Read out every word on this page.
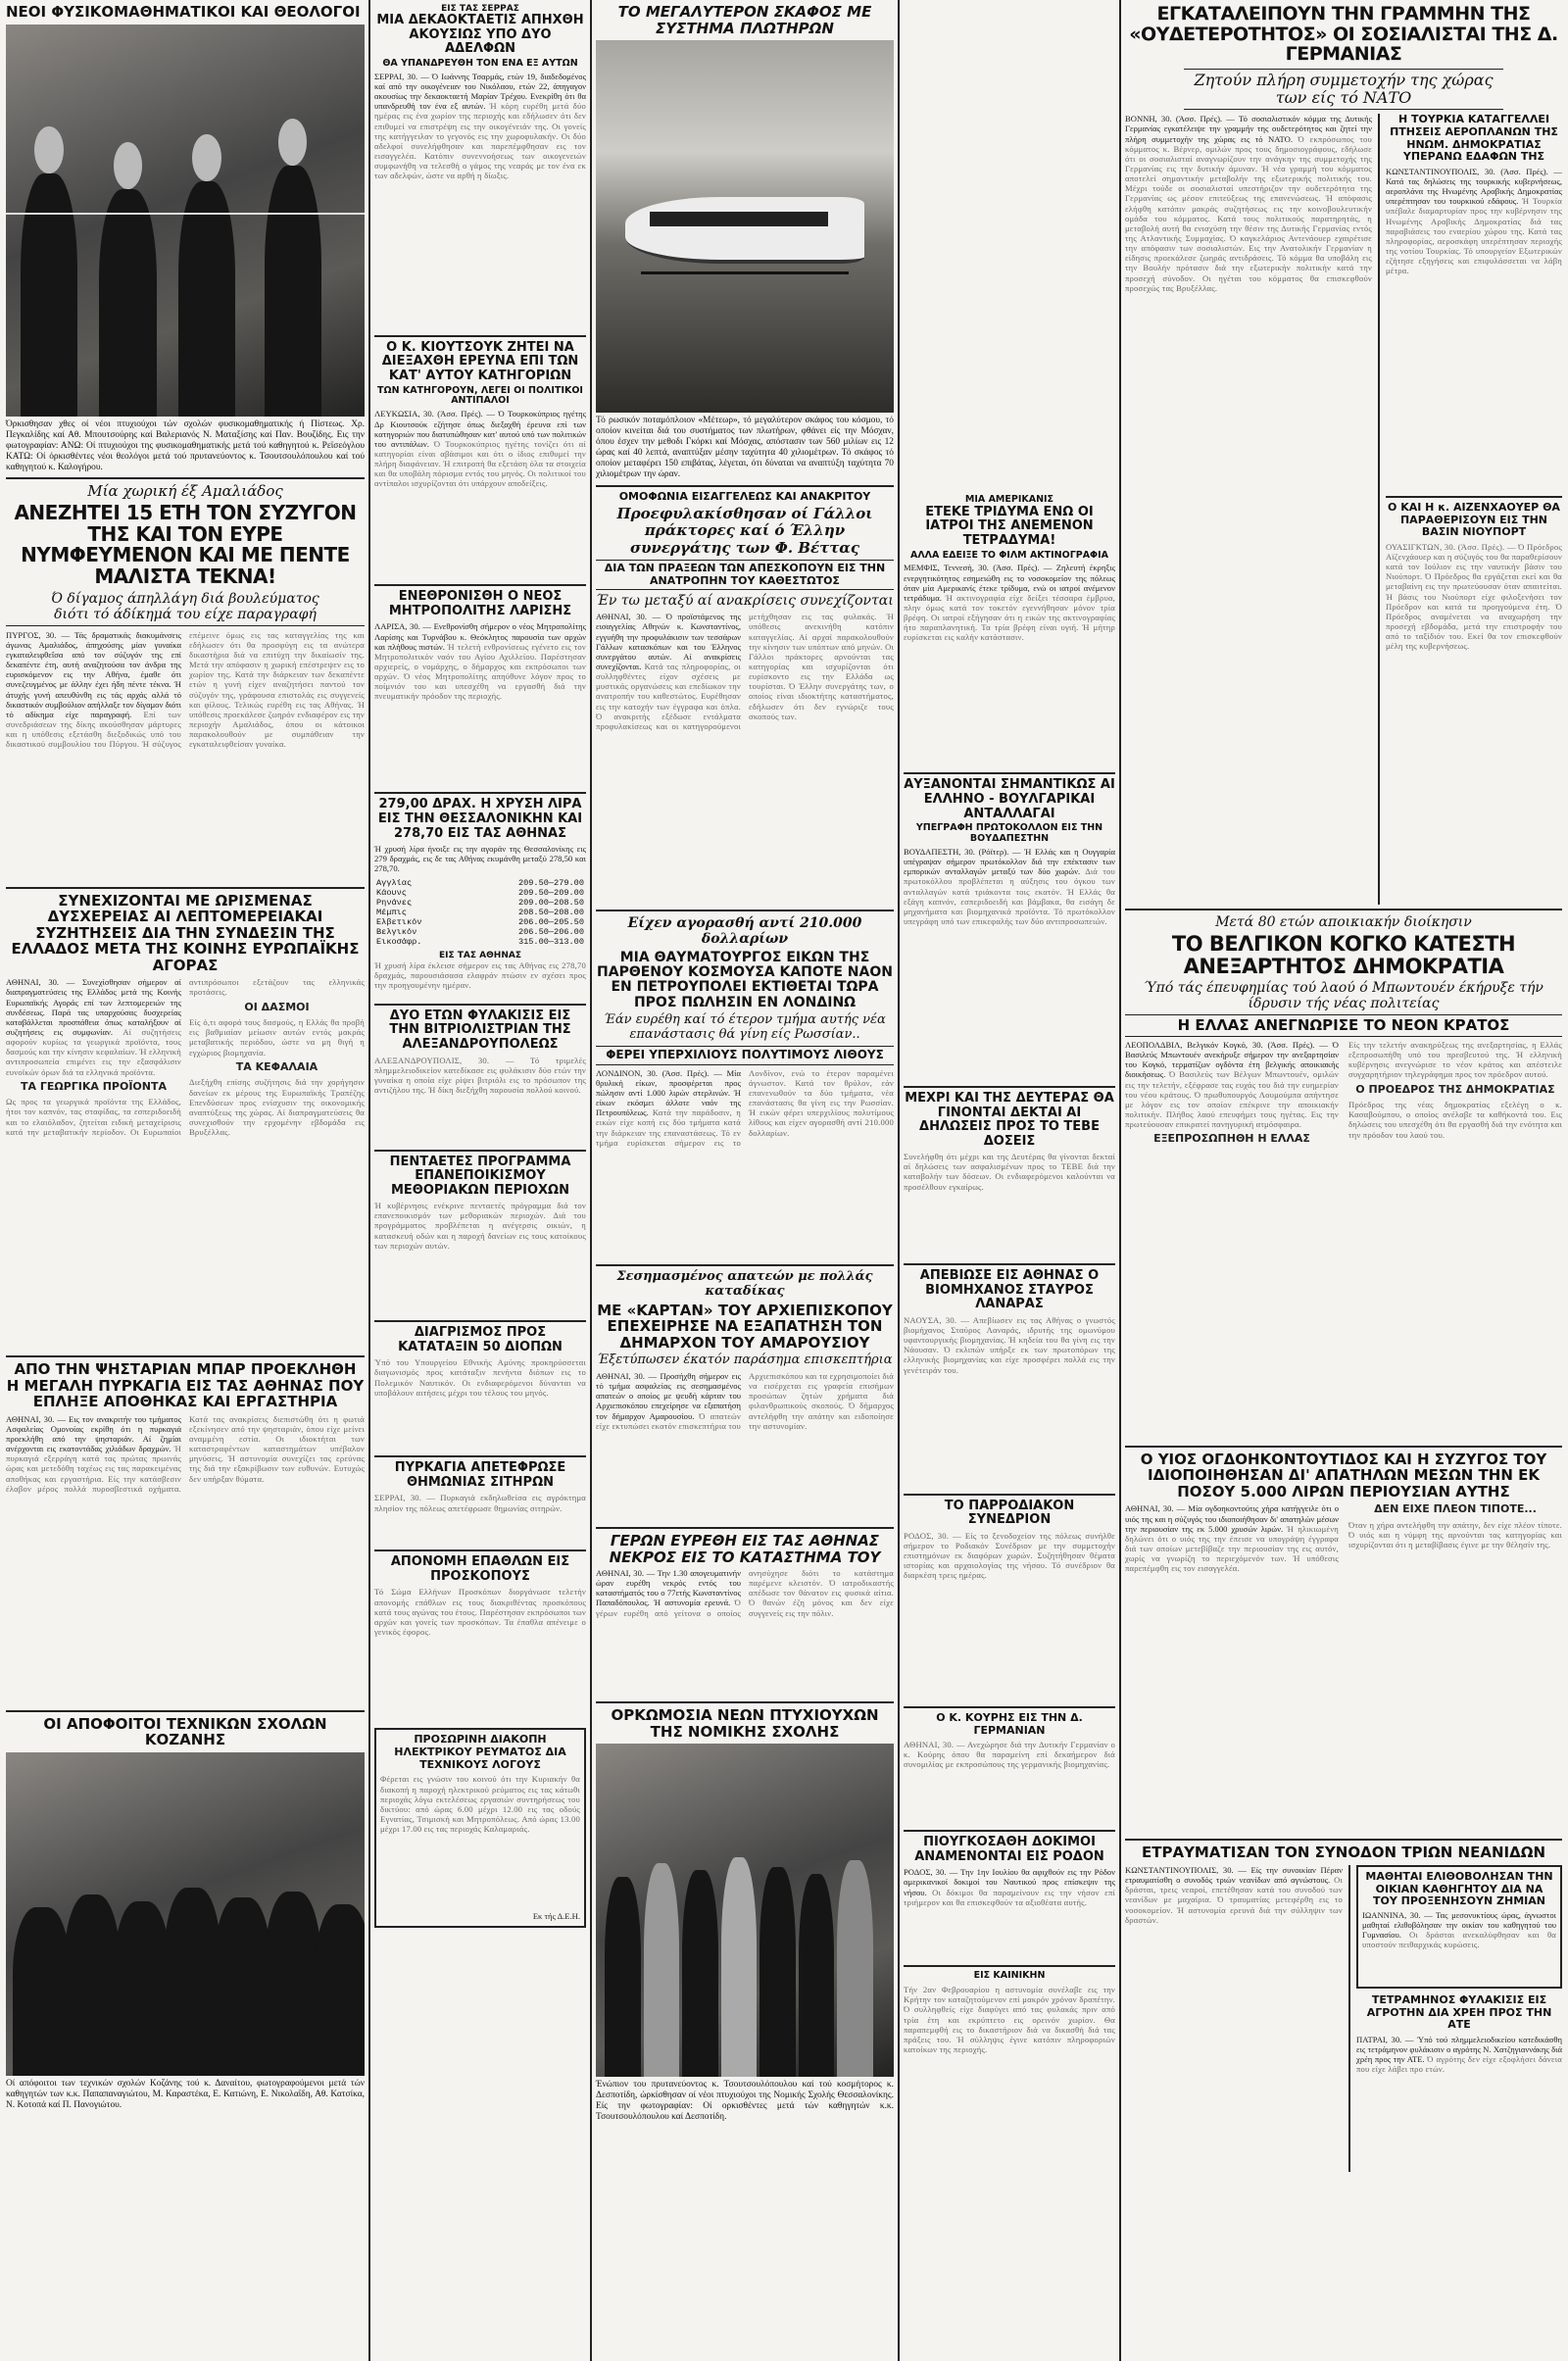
ΝΕΟΙ ΦΥΣΙΚΟΜΑΘΗΜΑΤΙΚΟΙ ΚΑΙ ΘΕΟΛΟΓΟΙ
Όρκισθησαν χθες οί νέοι πτυχιούχοι τών σχολών φυσικομαθηματικής ή Πίστεως. Χρ. Πεγκαλίδης καί Αθ. Μπουτσούρης καί Βαλεριανός Ν. Ματαξίσης καί Παν. Βουζίδης. Εις την φωτογραφίαν: ΑΝΩ: Οί πτυχιούχοι της φυσικομαθηματικής μετά τού καθηγητού κ. Ρεϊσεόγλου ΚΑΤΩ: Οί όρκισθέντες νέοι θεολόγοι μετά τού πρυτανεύοντος κ. Τσουτσουλόπουλου καί τού καθηγητού κ. Καλογήρου.
Μία χωρική έξ Αμαλιάδος
ΑΝΕΖΗΤΕΙ 15 ΕΤΗ ΤΟΝ ΣΥΖΥΓΟΝ ΤΗΣ ΚΑΙ ΤΟΝ ΕΥΡΕ ΝΥΜΦΕΥΜΕΝΟΝ ΚΑΙ ΜΕ ΠΕΝΤΕ ΜΑΛΙΣΤΑ ΤΕΚΝΑ!
Ό δίγαμος άπηλλάγη διά βουλεύματος
διότι τό άδίκημά του είχε παραγραφή
ΠΥΡΓΟΣ, 30. — Τάς δραματικάς διακυμάνσεις άγωνας Αμαλιάδος, άπηχούσης μίαν γυναίκα εγκαταλειφθεΐσα από τον σύζυγόν της επί δεκαπέντε έτη, αυτή αναζητούσα τον άνδρα της ευρισκόμενον εις την Αθήνα, έμαθε ότι συνεζευγμένος με άλλην έχει ήδη πέντε τέκνα. Ή άτυχής γυνή απευθύνθη εις τάς αρχάς αλλά τό δικαστικόν συμβούλιον απήλλαξε τον δίγαμον διότι τό αδίκημα είχε παραγραφή. Επί των συνεδριάσεων της δίκης ακούσθησαν μάρτυρες και η υπόθεσις εξετάσθη διεξοδικώς υπό του δικαστικού συμβουλίου του Πύργου. Ή σύζυγος επέμεινε όμως εις τας καταγγελίας της και εδήλωσεν ότι θα προσφύγη εις τα ανώτερα δικαστήρια διά να επιτύχη την δικαίωσίν της. Μετά την απόφασιν η χωρική επέστρεψεν εις το χωρίον της. Κατά την διάρκειαν των δεκαπέντε ετών η γυνή είχεν αναζητήσει παντού τον σύζυγόν της, γράφουσα επιστολάς εις συγγενείς και φίλους. Τελικώς ευρέθη εις τας Αθήνας. Ή υπόθεσις προεκάλεσε ζωηρόν ενδιαφέρον εις την περιοχήν Αμαλιάδος, όπου οι κάτοικοι παρακολουθούν με συμπάθειαν την εγκαταλειφθείσαν γυναίκα.
ΣΥΝΕΧΙΖΟΝΤΑΙ ΜΕ ΩΡΙΣΜΕΝΑΣ ΔΥΣΧΕΡΕΙΑΣ ΑΙ ΛΕΠΤΟΜΕΡΕΙΑΚΑΙ ΣΥΖΗΤΗΣΕΙΣ ΔΙΑ ΤΗΝ ΣΥΝΔΕΣΙΝ ΤΗΣ ΕΛΛΑΔΟΣ ΜΕΤΑ ΤΗΣ ΚΟΙΝΗΣ ΕΥΡΩΠΑΪΚΗΣ ΑΓΟΡΑΣ
ΑΘΗΝΑΙ, 30. — Συνεχίσθησαν σήμερον αί διαπραγματεύσεις της Ελλάδος μετά της Κοινής Ευρωπαϊκής Αγοράς επί των λεπτομερειών της συνδέσεως. Παρά τας υπαρχούσας δυσχερείας καταβάλλεται προσπάθεια όπως καταλήξουν αί συζητήσεις εις συμφωνίαν. Αί συζητήσεις αφορούν κυρίως τα γεωργικά προϊόντα, τους δασμούς και την κίνησιν κεφαλαίων. Ή ελληνική αντιπροσωπεία επιμένει εις την εξασφάλισιν ευνοϊκών όρων διά τα ελληνικά προϊόντα.
ΤΑ ΓΕΩΡΓΙΚΑ ΠΡΟΪΟΝΤΑ
Ως προς τα γεωργικά προϊόντα της Ελλάδος, ήτοι τον καπνόν, τας σταφίδας, τα εσπεριδοειδή και το ελαιόλαδον, ζητείται ειδική μεταχείρισις κατά την μεταβατικήν περίοδον. Οι Ευρωπαίοι αντιπρόσωποι εξετάζουν τας ελληνικάς προτάσεις.
ΟΙ ΔΑΣΜΟΙ
Είς ό,τι αφορά τους δασμούς, η Ελλάς θα προβή εις βαθμιαίαν μείωσιν αυτών εντός μακράς μεταβατικής περιόδου, ώστε να μη θιγή η εγχώριος βιομηχανία.
ΤΑ ΚΕΦΑΛΑΙΑ
Διεξήχθη επίσης συζήτησις διά την χορήγησιν δανείων εκ μέρους της Ευρωπαϊκής Τραπέζης Επενδύσεων προς ενίσχυσιν της οικονομικής αναπτύξεως της χώρας. Αί διαπραγματεύσεις θα συνεχισθούν την ερχομένην εβδομάδα εις Βρυξέλλας.
ΑΠΟ ΤΗΝ ΨΗΣΤΑΡΙΑΝ ΜΠΑΡ ΠΡΟΕΚΛΗΘΗ Η ΜΕΓΑΛΗ ΠΥΡΚΑΓΙΑ ΕΙΣ ΤΑΣ ΑΘΗΝΑΣ ΠΟΥ ΕΠΛΗΞΕ ΑΠΟΘΗΚΑΣ ΚΑΙ ΕΡΓΑΣΤΗΡΙΑ
ΑΘΗΝΑΙ, 30. — Εις τον ανακριτήν του τμήματος Ασφαλείας Ομονοίας εκρίθη ότι η πυρκαγιά προεκλήθη από την ψησταριάν. Αί ζημίαι ανέρχονται εις εκατοντάδας χιλιάδων δραχμών. Ή πυρκαγιά εξερράγη κατά τας πρώτας πρωινάς ώρας και μετεδόθη ταχέως εις τας παρακειμένας αποθήκας και εργαστήρια. Είς την κατάσβεσιν έλαβον μέρος πολλά πυροσβεστικά οχήματα. Κατά τας ανακρίσεις διεπιστώθη ότι η φωτιά εξεκίνησεν από την ψησταριάν, όπου είχε μείνει αναμμένη εστία. Οι ιδιοκτήται των καταστραφέντων καταστημάτων υπέβαλον μηνύσεις. Ή αστυνομία συνεχίζει τας ερεύνας της διά την εξακρίβωσιν των ευθυνών. Ευτυχώς δεν υπήρξαν θύματα.
ΟΙ ΑΠΟΦΟΙΤΟΙ ΤΕΧΝΙΚΩΝ ΣΧΟΛΩΝ ΚΟΖΑΝΗΣ
Οί απόφοιτοι των τεχνικών σχολών Κοζάνης τού κ. Δαναίτου, φωτογραφούμενοι μετά τών καθηγητών των κ.κ. Παπαπαναγιώτου, Μ. Καραστέκα, Ε. Κατιώνη, Ε. Νικολαΐδη, Αθ. Κατσίκα, Ν. Κοτοπά καί Π. Πανογιώτου.
ΕΙΣ ΤΑΣ ΣΕΡΡΑΣ
ΜΙΑ ΔΕΚΑΟΚΤΑΕΤΙΣ ΑΠΗΧΘΗ ΑΚΟΥΣΙΩΣ ΥΠΟ ΔΥΟ ΑΔΕΛΦΩΝ
ΘΑ ΥΠΑΝΔΡΕΥΘΗ ΤΟΝ ΕΝΑ ΕΞ ΑΥΤΩΝ
ΣΕΡΡΑΙ, 30. — Ό Ιωάννης Τσαρμάς, ετών 19, διαδεδομένος καί από την οικογένειαν του Νικόλαου, ετών 22, άπηγαγον ακουσίως την δεκαοκταετή Μαρίαν Τρέχου. Ενεκρίθη ότι θα υπανδρευθή τον ένα εξ αυτών. Ή κόρη ευρέθη μετά δύο ημέρας εις ένα χωρίον της περιοχής και εδήλωσεν ότι δεν επιθυμεί να επιστρέψη εις την οικογένειάν της. Οι γονείς της κατήγγειλαν το γεγονός εις την χωροφυλακήν. Οι δύο αδελφοί συνελήφθησαν και παρεπέμφθησαν εις τον εισαγγελέα. Κατόπιν συνεννοήσεως των οικογενειών συμφωνήθη να τελεσθή ο γάμος της νεαράς με τον ένα εκ των αδελφών, ώστε να αρθή η δίωξις.
Ο Κ. ΚΙΟΥΤΣΟΥΚ ΖΗΤΕΙ ΝΑ ΔΙΕΞΑΧΘΗ ΕΡΕΥΝΑ ΕΠΙ ΤΩΝ ΚΑΤ' ΑΥΤΟΥ ΚΑΤΗΓΟΡΙΩΝ
ΤΩΝ ΚΑΤΗΓΟΡΟΥΝ, ΛΕΓΕΙ ΟΙ ΠΟΛΙΤΙΚΟΙ ΑΝΤΙΠΑΛΟΙ
ΛΕΥΚΩΣΙΑ, 30. (Άσσ. Πρές). — Ό Τουρκοκύπριος ηγέτης Δρ Κιουτσούκ εζήτησε όπως διεξαχθή έρευνα επί των κατηγοριών που διατυπώθησαν κατ' αυτού υπό των πολιτικών του αντιπάλων. Ό Τουρκοκύπριος ηγέτης τονίζει ότι αί κατηγορίαι είναι αβάσιμοι και ότι ο ίδιος επιθυμεί την πλήρη διαφάνειαν. Ή επιτροπή θα εξετάση όλα τα στοιχεία και θα υποβάλη πόρισμα εντός του μηνός. Οι πολιτικοί του αντίπαλοι ισχυρίζονται ότι υπάρχουν αποδείξεις.
ΕΝΕΘΡΟΝΙΣΘΗ Ο ΝΕΟΣ ΜΗΤΡΟΠΟΛΙΤΗΣ ΛΑΡΙΣΗΣ
ΛΑΡΙΣΑ, 30. — Ενεθρονίσθη σήμερον ο νέος Μητροπολίτης Λαρίσης και Τυρνάβου κ. Θεόκλητος παρουσία των αρχών και πλήθους πιστών. Ή τελετή ενθρονίσεως εγένετο εις τον Μητροπολιτικόν ναόν του Αγίου Αχιλλείου. Παρέστησαν αρχιερείς, ο νομάρχης, ο δήμαρχος και εκπρόσωποι των αρχών. Ό νέος Μητροπολίτης απηύθυνε λόγον προς το ποίμνιόν του και υπεσχέθη να εργασθή διά την πνευματικήν πρόοδον της περιοχής.
279,00 ΔΡΑΧ. Η ΧΡΥΣΗ ΛΙΡΑ ΕΙΣ ΤΗΝ ΘΕΣΣΑΛΟΝΙΚΗΝ ΚΑΙ 278,70 ΕΙΣ ΤΑΣ ΑΘΗΝΑΣ
Ή χρυσή λίρα ήνοιξε εις την αγοράν της Θεσσαλονίκης εις 279 δραχμάς, εις δε τας Αθήνας εκυμάνθη μεταξύ 278,50 και 278,70.
Αγγλίας	209.50—279.00
Κάουνς	209.50—209.00
Ρηνάνες	209.00—208.50
Μέμπις	208.50—208.00
Ελβετικόν	206.00—205.50
Βελγικόν	206.50—206.00
Εικοσάφρ.	315.00—313.00
ΕΙΣ ΤΑΣ ΑΘΗΝΑΣ
Ή χρυσή λίρα έκλεισε σήμερον εις τας Αθήνας εις 278,70 δραχμάς, παρουσιάσασα ελαφράν πτώσιν εν σχέσει προς την προηγουμένην ημέραν.
ΔΥΟ ΕΤΩΝ ΦΥΛΑΚΙΣΙΣ ΕΙΣ ΤΗΝ ΒΙΤΡΙΟΛΙΣΤΡΙΑΝ ΤΗΣ ΑΛΕΞΑΝΔΡΟΥΠΟΛΕΩΣ
ΑΛΕΞΑΝΔΡΟΥΠΟΛΙΣ, 30. — Τό τριμελές πλημμελειοδικείον κατεδίκασε εις φυλάκισιν δύο ετών την γυναίκα η οποία είχε ρίψει βιτριόλι εις το πρόσωπον της αντιζήλου της. Ή δίκη διεξήχθη παρουσία πολλού κοινού.
ΠΕΝΤΑΕΤΕΣ ΠΡΟΓΡΑΜΜΑ ΕΠΑΝΕΠΟΙΚΙΣΜΟΥ ΜΕΘΟΡΙΑΚΩΝ ΠΕΡΙΟΧΩΝ
Ή κυβέρνησις ενέκρινε πενταετές πρόγραμμα διά τον επανεποικισμόν των μεθοριακών περιοχών. Διά του προγράμματος προβλέπεται η ανέγερσις οικιών, η κατασκευή οδών και η παροχή δανείων εις τους κατοίκους των περιοχών αυτών.
ΔΙΑΓΡΙΣΜΟΣ ΠΡΟΣ ΚΑΤΑΤΑΞΙΝ 50 ΔΙΟΠΩΝ
Ύπό του Υπουργείου Εθνικής Αμύνης προκηρύσσεται διαγωνισμός προς κατάταξιν πενήντα διόπων εις το Πολεμικόν Ναυτικόν. Οι ενδιαφερόμενοι δύνανται να υποβάλουν αιτήσεις μέχρι του τέλους του μηνός.
ΠΥΡΚΑΓΙΑ ΑΠΕΤΕΦΡΩΣΕ ΘΗΜΩΝΙΑΣ ΣΙΤΗΡΩΝ
ΣΕΡΡΑΙ, 30. — Πυρκαγιά εκδηλωθείσα εις αγρόκτημα πλησίον της πόλεως απετέφρωσε θημωνίας σιτηρών.
ΑΠΟΝΟΜΗ ΕΠΑΘΛΩΝ ΕΙΣ ΠΡΟΣΚΟΠΟΥΣ
Τό Σώμα Ελλήνων Προσκόπων διοργάνωσε τελετήν απονομής επάθλων εις τους διακριθέντας προσκόπους κατά τους αγώνας του έτους. Παρέστησαν εκπρόσωποι των αρχών και γονείς των προσκόπων. Τα έπαθλα απένειμε ο γενικός έφορος.
ΠΡΟΣΩΡΙΝΗ ΔΙΑΚΟΠΗ ΗΛΕΚΤΡΙΚΟΥ ΡΕΥΜΑΤΟΣ ΔΙΑ ΤΕΧΝΙΚΟΥΣ ΛΟΓΟΥΣ
Φέρεται εις γνώσιν του κοινού ότι την Κυριακήν θα διακοπή η παροχή ηλεκτρικού ρεύματος εις τας κάτωθι περιοχάς λόγω εκτελέσεως εργασιών συντηρήσεως του δικτύου: από ώρας 6.00 μέχρι 12.00 εις τας οδούς Εγνατίας, Τσιμισκή και Μητροπόλεως. Από ώρας 13.00 μέχρι 17.00 εις τας περιοχάς Καλαμαριάς.
Εκ τής Δ.Ε.Η.
ΤΟ ΜΕΓΑΛΥΤΕΡΟΝ ΣΚΑΦΟΣ ΜΕ ΣΥΣΤΗΜΑ ΠΛΩΤΗΡΩΝ
Τό ρωσικόν ποταμόπλοιον «Μέτεωρ», τό μεγαλύτερον σκάφος του κόσμου, τό οποίον κινείται διά του συστήματος των πλωτήρων, φθάνει είς την Μόσχαν, όπου έσχεν την μεθοδι Γκόρκι καί Μόσχας, απόστασιν των 560 μιλίων εις 12 ώρας καί 40 λεπτά, αναπτύξαν μέσην ταχύτητα 40 χιλιομέτρων. Τό σκάφος τό οποίον μεταφέρει 150 επιβάτας, λέγεται, ότι δύναται να αναπτύξη ταχύτητα 70 χιλιομέτρων την ώραν.
ΟΜΟΦΩΝΙΑ ΕΙΣΑΓΓΕΛΕΩΣ ΚΑΙ ΑΝΑΚΡΙΤΟΥ
Προεφυλακίσθησαν οί Γάλλοι πράκτορες καί ό Έλλην συνεργάτης των Φ. Βέττας
ΔΙΑ ΤΩΝ ΠΡΑΞΕΩΝ ΤΩΝ ΑΠΕΣΚΟΠΟΥΝ ΕΙΣ ΤΗΝ ΑΝΑΤΡΟΠΗΝ ΤΟΥ ΚΑΘΕΣΤΩΤΟΣ
Έν τω μεταξύ αί ανακρίσεις συνεχίζονται
ΑΘΗΝΑΙ, 30. — Ό προϊστάμενος της εισαγγελίας Αθηνών κ. Κωνσταντίνος, εγγυήθη την προφυλάκισιν των τεσσάρων Γάλλων κατασκόπων και του Έλληνος συνεργάτου αυτών. Αί ανακρίσεις συνεχίζονται. Κατά τας πληροφορίας, οι συλληφθέντες είχον σχέσεις με μυστικάς οργανώσεις και επεδίωκον την ανατροπήν του καθεστώτος. Ευρέθησαν εις την κατοχήν των έγγραφα και όπλα. Ό ανακριτής εξέδωσε εντάλματα προφυλακίσεως και οι κατηγορούμενοι μετήχθησαν εις τας φυλακάς. Ή υπόθεσις ανεκινήθη κατόπιν καταγγελίας. Αί αρχαί παρακολουθούν την κίνησιν των υπόπτων από μηνών. Οι Γάλλοι πράκτορες αρνούνται τας κατηγορίας και ισχυρίζονται ότι ευρίσκοντο εις την Ελλάδα ως τουρίσται. Ό Έλλην συνεργάτης των, ο οποίος είναι ιδιοκτήτης καταστήματος, εδήλωσεν ότι δεν εγνώριζε τους σκοπούς των.
Είχεν αγορασθή αντί 210.000 δολλαρίων
ΜΙΑ ΘΑΥΜΑΤΟΥΡΓΟΣ ΕΙΚΩΝ ΤΗΣ ΠΑΡΘΕΝΟΥ ΚΟΣΜΟΥΣΑ ΚΑΠΟΤΕ ΝΑΟΝ ΕΝ ΠΕΤΡΟΥΠΟΛΕΙ ΕΚΤΙΘΕΤΑΙ ΤΩΡΑ ΠΡΟΣ ΠΩΛΗΣΙΝ ΕΝ ΛΟΝΔΙΝΩ
Έάν ευρέθη καί τό έτερον τμήμα αυτής νέα επανάστασις θά γίνη είς Ρωσσίαν..
ΦΕΡΕΙ ΥΠΕΡΧΙΛΙΟΥΣ ΠΟΛΥΤΙΜΟΥΣ ΛΙΘΟΥΣ
ΛΟΝΔΙΝΟΝ, 30. (Άσσ. Πρές). — Μία θρυλική είκων, προσφέρεται προς πώλησιν αντί 1.000 λιρών στερλινών. Ή είκων εκόσμει άλλοτε ναόν της Πετρουπόλεως. Κατά την παράδοσιν, η εικών είχε κοπή εις δύο τμήματα κατά την διάρκειαν της επαναστάσεως. Τό εν τμήμα ευρίσκεται σήμερον εις το Λονδίνον, ενώ το έτερον παραμένει άγνωστον. Κατά τον θρύλον, εάν επανενωθούν τα δύο τμήματα, νέα επανάστασις θα γίνη εις την Ρωσσίαν. Ή εικών φέρει υπερχιλίους πολυτίμους λίθους και είχεν αγορασθή αντί 210.000 δολλαρίων.
Σεσημασμένος απατεών με πολλάς καταδίκας
ΜΕ «ΚΑΡΤΑΝ» ΤΟΥ ΑΡΧΙΕΠΙΣΚΟΠΟΥ ΕΠΕΧΕΙΡΗΣΕ ΝΑ ΕΞΑΠΑΤΗΣΗ ΤΟΝ ΔΗΜΑΡΧΟΝ ΤΟΥ ΑΜΑΡΟΥΣΙΟΥ
Έξετύπωσεν έκατόν παράσημα επισκεπτήρια
ΑΘΗΝΑΙ, 30. — Προσήχθη σήμερον εις τό τμήμα ασφαλείας εις σεσημασμένος απατεών ο οποίος με ψευδή κάρταν του Αρχιεπισκόπου επεχείρησε να εξαπατήση τον δήμαρχον Αμαρουσίου. Ό απατεών είχε εκτυπώσει εκατόν επισκεπτήρια του Αρχιεπισκόπου και τα εχρησιμοποίει διά να εισέρχεται εις γραφεία επισήμων προσώπων ζητών χρήματα διά φιλανθρωπικούς σκοπούς. Ό δήμαρχος αντελήφθη την απάτην και ειδοποίησε την αστυνομίαν.
ΓΕΡΩΝ ΕΥΡΕΘΗ ΕΙΣ ΤΑΣ ΑΘΗΝΑΣ ΝΕΚΡΟΣ ΕΙΣ ΤΟ ΚΑΤΑΣΤΗΜΑ ΤΟΥ
ΑΘΗΝΑΙ, 30. — Την 1.30 απογευματινήν ώραν ευρέθη νεκρός εντός του καταστήματός του ο 77ετής Κωνσταντίνος Παπαδόπουλος. Ή αστυνομία ερευνά. Ό γέρων ευρέθη από γείτονα ο οποίος ανησύχησε διότι το κατάστημα παρέμενε κλειστόν. Ό ιατροδικαστής απέδωσε τον θάνατον εις φυσικά αίτια. Ό θανών έζη μόνος και δεν είχε συγγενείς εις την πόλιν.
ΟΡΚΩΜΟΣΙΑ ΝΕΩΝ ΠΤΥΧΙΟΥΧΩΝ ΤΗΣ ΝΟΜΙΚΗΣ ΣΧΟΛΗΣ
Ένώπιον του πρυτανεύοντος κ. Τσουτσουλόπουλου καί τού κοσμήτορος κ. Δεσποτίδη, ώρκίσθησαν οί νέοι πτυχιούχοι της Νομικής Σχολής Θεσσαλονίκης. Είς την φωτογραφίαν: Οί ορκισθέντες μετά τών καθηγητών κ.κ. Τσουτσουλόπουλου καί Δεσποτίδη.
ΜΙΑ ΑΜΕΡΙΚΑΝΙΣ
ΕΤΕΚΕ ΤΡΙΔΥΜΑ ΕΝΩ ΟΙ ΙΑΤΡΟΙ ΤΗΣ ΑΝΕΜΕΝΟΝ ΤΕΤΡΑΔΥΜΑ!
ΑΛΛΑ ΕΔΕΙΞΕ ΤΟ ΦΙΛΜ ΑΚΤΙΝΟΓΡΑΦΙΑ
ΜΕΜΦΙΣ, Τεννεσή, 30. (Άσσ. Πρές). — Ζηλευτή έκρηξις ενεργητικότητος εσημειώθη εις το νοσοκομείον της πόλεως όταν μία Αμερικανίς έτεκε τρίδυμα, ενώ οι ιατροί ανέμενον τετράδυμα. Ή ακτινογραφία είχε δείξει τέσσαρα έμβρυα, πλην όμως κατά τον τοκετόν εγεννήθησαν μόνον τρία βρέφη. Οι ιατροί εξήγησαν ότι η εικών της ακτινογραφίας ήτο παραπλανητική. Τα τρία βρέφη είναι υγιή. Ή μήτηρ ευρίσκεται εις καλήν κατάστασιν.
ΑΥΞΑΝΟΝΤΑΙ ΣΗΜΑΝΤΙΚΩΣ ΑΙ ΕΛΛΗΝΟ - ΒΟΥΛΓΑΡΙΚΑΙ ΑΝΤΑΛΛΑΓΑΙ
ΥΠΕΓΡΑΦΗ ΠΡΩΤΟΚΟΛΛΟΝ ΕΙΣ ΤΗΝ ΒΟΥΔΑΠΕΣΤΗΝ
ΒΟΥΔΑΠΕΣΤΗ, 30. (Ρόϊτερ). — Ή Ελλάς και η Ουγγαρία υπέγραψαν σήμερον πρωτόκολλον διά την επέκτασιν των εμπορικών ανταλλαγών μεταξύ των δύο χωρών. Διά του πρωτοκόλλου προβλέπεται η αύξησις του όγκου των ανταλλαγών κατά τριάκοντα τοις εκατόν. Ή Ελλάς θα εξάγη καπνόν, εσπεριδοειδή και βάμβακα, θα εισάγη δε μηχανήματα και βιομηχανικά προϊόντα. Τό πρωτόκολλον υπεγράφη υπό των επικεφαλής των δύο αντιπροσωπειών.
ΜΕΧΡΙ ΚΑΙ ΤΗΣ ΔΕΥΤΕΡΑΣ ΘΑ ΓΙΝΟΝΤΑΙ ΔΕΚΤΑΙ ΑΙ ΔΗΛΩΣΕΙΣ ΠΡΟΣ ΤΟ ΤΕΒΕ ΔΟΣΕΙΣ
Συνελήφθη ότι μέχρι και της Δευτέρας θα γίνονται δεκταί αί δηλώσεις των ασφαλισμένων προς το ΤΕΒΕ διά την καταβολήν των δόσεων. Οι ενδιαφερόμενοι καλούνται να προσέλθουν εγκαίρως.
ΑΠΕΒΙΩΣΕ ΕΙΣ ΑΘΗΝΑΣ Ο ΒΙΟΜΗΧΑΝΟΣ ΣΤΑΥΡΟΣ ΛΑΝΑΡΑΣ
ΝΑΟΥΣΑ, 30. — Απεβίωσεν εις τας Αθήνας ο γνωστός βιομήχανος Σταύρος Λαναράς, ιδρυτής της ομωνύμου υφαντουργικής βιομηχανίας. Ή κηδεία του θα γίνη εις την Νάουσαν. Ό εκλιπών υπήρξε εκ των πρωτοπόρων της ελληνικής βιομηχανίας και είχε προσφέρει πολλά εις την γενέτειράν του.
ΤΟ ΠΑΡΡΟΔΙΑΚΟΝ ΣΥΝΕΔΡΙΟΝ
ΡΟΔΟΣ, 30. — Είς το ξενοδοχείον της πόλεως συνήλθε σήμερον το Ροδιακόν Συνέδριον με την συμμετοχήν επιστημόνων εκ διαφόρων χωρών. Συζητήθησαν θέματα ιστορίας και αρχαιολογίας της νήσου. Τό συνέδριον θα διαρκέση τρεις ημέρας.
Ο Κ. ΚΟΥΡΗΣ ΕΙΣ ΤΗΝ Δ. ΓΕΡΜΑΝΙΑΝ
ΑΘΗΝΑΙ, 30. — Ανεχώρησε διά την Δυτικήν Γερμανίαν ο κ. Κούρης όπου θα παραμείνη επί δεκαήμερον διά συνομιλίας με εκπροσώπους της γερμανικής βιομηχανίας.
ΠΙΟΥΓΚΟΣΑΘΗ ΔΟΚΙΜΟΙ ΑΝΑΜΕΝΟΝΤΑΙ ΕΙΣ ΡΟΔΟΝ
ΡΟΔΟΣ, 30. — Την 1ην Ιουλίου θα αφιχθούν εις την Ρόδον αμερικανικοί δοκιμοί του Ναυτικού προς επίσκεψιν της νήσου. Οι δόκιμοι θα παραμείνουν εις την νήσον επί τριήμερον και θα επισκεφθούν τα αξιοθέατα αυτής.
ΕΙΣ ΚΑΙΝΙΚΗΝ
Τήν 2αν Φεβρουαρίου η αστυνομία συνέλαβε εις την Κρήτην τον καταζητούμενον επί μακρόν χρόνον δραπέτην. Ό συλληφθείς είχε διαφύγει από τας φυλακάς πριν από τρία έτη και εκρύπτετο εις ορεινόν χωρίον. Θα παραπεμφθή εις το δικαστήριον διά να δικασθή διά τας πράξεις του. Ή σύλληψις έγινε κατόπιν πληροφοριών κατοίκων της περιοχής.
ΕΓΚΑΤΑΛΕΙΠΟΥΝ ΤΗΝ ΓΡΑΜΜΗΝ ΤΗΣ «ΟΥΔΕΤΕΡΟΤΗΤΟΣ» ΟΙ ΣΟΣΙΑΛΙΣΤΑΙ ΤΗΣ Δ. ΓΕΡΜΑΝΙΑΣ
Ζητούν πλήρη συμμετοχήν της χώρας των είς τό ΝΑΤΟ
ΒΟΝΝΗ, 30. (Άσσ. Πρές). — Τό σοσιαλιστικόν κόμμα της Δυτικής Γερμανίας εγκατέλειψε την γραμμήν της ουδετερότητος και ζητεί την πλήρη συμμετοχήν της χώρας εις τό ΝΑΤΟ. Ό εκπρόσωπος του κόμματος κ. Βέρνερ, ομιλών προς τους δημοσιογράφους, εδήλωσε ότι οι σοσιαλισταί αναγνωρίζουν την ανάγκην της συμμετοχής της Γερμανίας εις την δυτικήν άμυναν. Ή νέα γραμμή του κόμματος αποτελεί σημαντικήν μεταβολήν της εξωτερικής πολιτικής του. Μέχρι τούδε οι σοσιαλισταί υπεστήριζον την ουδετερότητα της Γερμανίας ως μέσον επιτεύξεως της επανενώσεως. Ή απόφασις ελήφθη κατόπιν μακράς συζητήσεως εις την κοινοβουλευτικήν ομάδα του κόμματος. Κατά τους πολιτικούς παρατηρητάς, η μεταβολή αυτή θα ενισχύση την θέσιν της Δυτικής Γερμανίας εντός της Ατλαντικής Συμμαχίας. Ό καγκελάριος Αντενάουερ εχαιρέτισε την απόφασιν των σοσιαλιστών. Εις την Ανατολικήν Γερμανίαν η είδησις προεκάλεσε ζωηράς αντιδράσεις. Τό κόμμα θα υποβάλη εις την Βουλήν πρότασιν διά την εξωτερικήν πολιτικήν κατά την προσεχή σύνοδον. Οι ηγέται του κόμματος θα επισκεφθούν προσεχώς τας Βρυξέλλας.
Η ΤΟΥΡΚΙΑ ΚΑΤΑΓΓΕΛΛΕΙ ΠΤΗΣΕΙΣ ΑΕΡΟΠΛΑΝΩΝ ΤΗΣ ΗΝΩΜ. ΔΗΜΟΚΡΑΤΙΑΣ ΥΠΕΡΑΝΩ ΕΔΑΦΩΝ ΤΗΣ
ΚΩΝΣΤΑΝΤΙΝΟΥΠΟΛΙΣ, 30. (Άσσ. Πρές). — Κατά τας δηλώσεις της τουρκικής κυβερνήσεως, αεροπλάνα της Ηνωμένης Αραβικής Δημοκρατίας υπερέπτησαν του τουρκικού εδάφους. Ή Τουρκία υπέβαλε διαμαρτυρίαν προς την κυβέρνησιν της Ηνωμένης Αραβικής Δημοκρατίας διά τας παραβιάσεις του εναερίου χώρου της. Κατά τας πληροφορίας, αεροσκάφη υπερέπτησαν περιοχής της νοτίου Τουρκίας. Τό υπουργείον Εξωτερικών εζήτησε εξηγήσεις και επιφυλάσσεται να λάβη μέτρα.
Ο ΚΑΙ Η κ. ΑΙΖΕΝΧΑΟΥΕΡ ΘΑ ΠΑΡΑΘΕΡΙΣΟΥΝ ΕΙΣ ΤΗΝ ΒΑΣΙΝ ΝΙΟΥΠΟΡΤ
ΟΥΑΣΙΓΚΤΩΝ, 30. (Άσσ. Πρές). — Ό Πρόεδρος Αϊζενχάουερ και η σύζυγός του θα παραθερίσουν κατά τον Ιούλιον εις την ναυτικήν βάσιν του Νιούπορτ. Ό Πρόεδρος θα εργάζεται εκεί και θα μεταβαίνη εις την πρωτεύουσαν όταν απαιτείται. Ή βάσις του Νιούπορτ είχε φιλοξενήσει τον Πρόεδρον και κατά τα προηγούμενα έτη. Ό Πρόεδρος αναμένεται να αναχωρήση την προσεχή εβδομάδα, μετά την επιστροφήν του από το ταξίδιόν του. Εκεί θα τον επισκεφθούν μέλη της κυβερνήσεως.
Μετά 80 ετών αποικιακήν διοίκησιν
ΤΟ ΒΕΛΓΙΚΟΝ ΚΟΓΚΟ ΚΑΤΕΣΤΗ ΑΝΕΞΑΡΤΗΤΟΣ ΔΗΜΟΚΡΑΤΙΑ
Ύπό τάς έπευφημίας τού λαού ό Μπωντουέν έκήρυξε τήν ίδρυσιν τής νέας πολιτείας
Η ΕΛΛΑΣ ΑΝΕΓΝΩΡΙΣΕ ΤΟ ΝΕΟΝ ΚΡΑΤΟΣ
ΛΕΟΠΟΛΔΒΙΛ, Βελγικόν Κογκό, 30. (Άσσ. Πρές). — Ό Βασιλεύς Μπωντουέν ανεκήρυξε σήμερον την ανεξαρτησίαν του Κογκό, τερματίζων ογδόντα έτη βελγικής αποικιακής διοικήσεως. Ό Βασιλεύς των Βέλγων Μπωντουέν, ομιλών εις την τελετήν, εξέφρασε τας ευχάς του διά την ευημερίαν του νέου κράτους. Ό πρωθυπουργός Λουμούμπα απήντησε με λόγον εις τον οποίον επέκρινε την αποικιακήν πολιτικήν. Πλήθος λαού επευφήμει τους ηγέτας. Εις την πρωτεύουσαν επικρατεί πανηγυρική ατμόσφαιρα.
ΕΞΕΠΡΟΣΩΠΗΘΗ Η ΕΛΛΑΣ
Είς την τελετήν ανακηρύξεως της ανεξαρτησίας, η Ελλάς εξεπροσωπήθη υπό του πρεσβευτού της. Ή ελληνική κυβέρνησις ανεγνώρισε το νέον κράτος και απέστειλε συγχαρητήριον τηλεγράφημα προς τον πρόεδρον αυτού.
Ο ΠΡΟΕΔΡΟΣ ΤΗΣ ΔΗΜΟΚΡΑΤΙΑΣ
Πρόεδρος της νέας δημοκρατίας εξελέγη ο κ. Κασαβούμπου, ο οποίος ανέλαβε τα καθήκοντά του. Εις δηλώσεις του υπεσχέθη ότι θα εργασθή διά την ενότητα και την πρόοδον του λαού του.
Ο ΥΙΟΣ ΟΓΔΟΗΚΟΝΤΟΥΤΙΔΟΣ ΚΑΙ Η ΣΥΖΥΓΟΣ ΤΟΥ ΙΔΙΟΠΟΙΗΘΗΣΑΝ ΔΙ' ΑΠΑΤΗΛΩΝ ΜΕΣΩΝ ΤΗΝ ΕΚ ΠΟΣΟΥ 5.000 ΛΙΡΩΝ ΠΕΡΙΟΥΣΙΑΝ ΑΥΤΗΣ
ΑΘΗΝΑΙ, 30. — Μία ογδοηκοντούτις χήρα κατήγγειλε ότι ο υιός της και η σύζυγός του ιδιοποιήθησαν δι' απατηλών μέσων την περιουσίαν της εκ 5.000 χρυσών λιρών. Ή ηλικιωμένη δηλώνει ότι ο υιός της την έπεισε να υπογράψη έγγραφα διά των οποίων μετεβίβαζε την περιουσίαν της εις αυτόν, χωρίς να γνωρίζη το περιεχόμενόν των. Ή υπόθεσις παρεπέμφθη εις τον εισαγγελέα.
ΔΕΝ ΕΙΧΕ ΠΛΕΟΝ ΤΙΠΟΤΕ...
Όταν η χήρα αντελήφθη την απάτην, δεν είχε πλέον τίποτε. Ό υιός και η νύμφη της αρνούνται τας κατηγορίας και ισχυρίζονται ότι η μεταβίβασις έγινε με την θέλησίν της.
ΕΤΡΑΥΜΑΤΙΣΑΝ ΤΟΝ ΣΥΝΟΔΟΝ ΤΡΙΩΝ ΝΕΑΝΙΔΩΝ
ΚΩΝΣΤΑΝΤΙΝΟΥΠΟΛΙΣ, 30. — Είς την συνοικίαν Πέραν ετραυματίσθη ο συνοδός τριών νεανίδων από αγνώστους. Οι δράσται, τρεις νεαροί, επετέθησαν κατά του συνοδού των νεανίδων με μαχαίρια. Ό τραυματίας μετεφέρθη εις το νοσοκομείον. Ή αστυνομία ερευνά διά την σύλληψιν των δραστών.
ΜΑΘΗΤΑΙ ΕΛΙΘΟΒΟΛΗΣΑΝ ΤΗΝ ΟΙΚΙΑΝ ΚΑΘΗΓΗΤΟΥ ΔΙΑ ΝΑ ΤΟΥ ΠΡΟΞΕΝΗΣΟΥΝ ΖΗΜΙΑΝ
ΙΩΑΝΝΙΝΑ, 30. — Τας μεσονυκτίους ώρας, άγνωστοι μαθηταί ελιθοβόλησαν την οικίαν του καθηγητού του Γυμνασίου. Οι δράσται ανεκαλύφθησαν και θα υποστούν πειθαρχικάς κυρώσεις.
ΤΕΤΡΑΜΗΝΟΣ ΦΥΛΑΚΙΣΙΣ ΕΙΣ ΑΓΡΟΤΗΝ ΔΙΑ ΧΡΕΗ ΠΡΟΣ ΤΗΝ ΑΤΕ
ΠΑΤΡΑΙ, 30. — Ύπό τού πλημμελειοδικείου κατεδικάσθη εις τετράμηνον φυλάκισιν ο αγρότης Ν. Χατζηγιαννάκης διά χρέη προς την ΑΤΕ. Ό αγρότης δεν είχε εξοφλήσει δάνεια που είχε λάβει προ ετών.
